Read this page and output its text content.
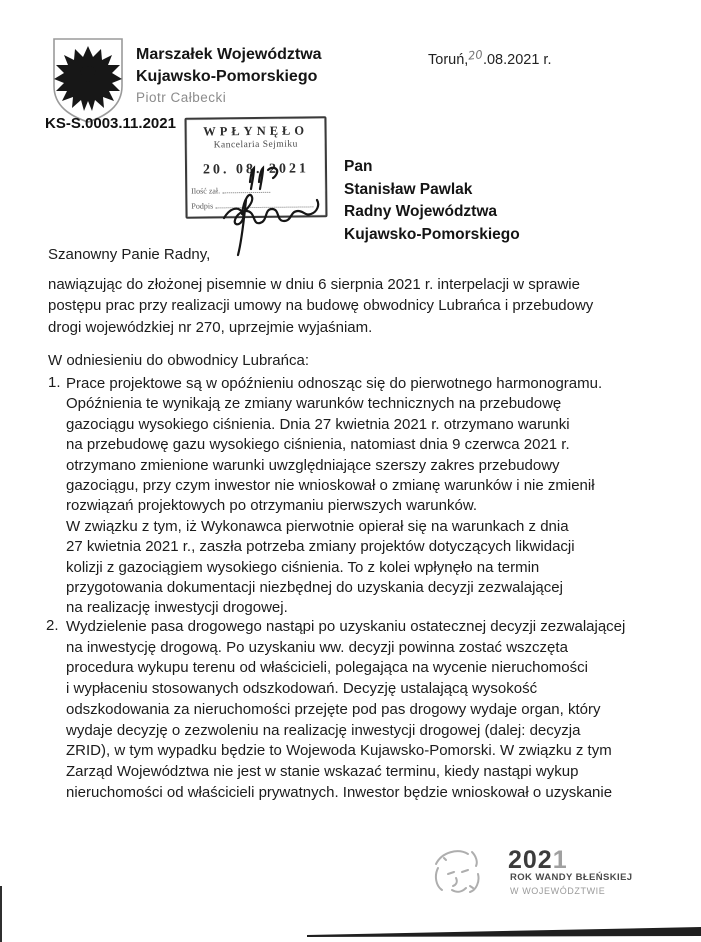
Marszałek Województwa
Kujawsko-Pomorskiego
Piotr Całbecki
Toruń,20.08.2021 r.
KS-S.0003.11.2021	WPŁYNĘŁO
Kancelaria Sejmiku
20. 08. 2021
Ilość zał.
Podpis
Pan
Stanisław Pawlak
Radny Województwa
Kujawsko-Pomorskiego
Szanowny Panie Radny,
nawiązując do złożonej pisemnie w dniu 6 sierpnia 2021 r. interpelacji w sprawie
postępu prac przy realizacji umowy na budowę obwodnicy Lubrańca i przebudowy
drogi wojewódzkiej nr 270, uprzejmie wyjaśniam.
W odniesieniu do obwodnicy Lubrańca:
1. Prace projektowe są w opóźnieniu odnosząc się do pierwotnego harmonogramu.
Opóźnienia te wynikają ze zmiany warunków technicznych na przebudowę
gazociągu wysokiego ciśnienia. Dnia 27 kwietnia 2021 r. otrzymano warunki
na przebudowę gazu wysokiego ciśnienia, natomiast dnia 9 czerwca 2021 r.
otrzymano zmienione warunki uwzględniające szerszy zakres przebudowy
gazociągu, przy czym inwestor nie wnioskował o zmianę warunków i nie zmienił
rozwiązań projektowych po otrzymaniu pierwszych warunków.
W związku z tym, iż Wykonawca pierwotnie opierał się na warunkach z dnia
27 kwietnia 2021 r., zaszła potrzeba zmiany projektów dotyczących likwidacji
kolizji z gazociągiem wysokiego ciśnienia. To z kolei wpłynęło na termin
przygotowania dokumentacji niezbędnej do uzyskania decyzji zezwalającej
na realizację inwestycji drogowej.
2. Wydzielenie pasa drogowego nastąpi po uzyskaniu ostatecznej decyzji zezwalającej
na inwestycję drogową. Po uzyskaniu ww. decyzji powinna zostać wszczęta
procedura wykupu terenu od właścicieli, polegająca na wycenie nieruchomości
i wypłaceniu stosowanych odszkodowań. Decyzję ustalającą wysokość
odszkodowania za nieruchomości przejęte pod pas drogowy wydaje organ, który
wydaje decyzję o zezwoleniu na realizację inwestycji drogowej (dalej: decyzja
ZRID), w tym wypadku będzie to Wojewoda Kujawsko-Pomorski. W związku z tym
Zarząd Województwa nie jest w stanie wskazać terminu, kiedy nastąpi wykup
nieruchomości od właścicieli prywatnych. Inwestor będzie wnioskował o uzyskanie
2021
ROK WANDY BŁEŃSKIEJ
W WOJEWÓDZTWIE
